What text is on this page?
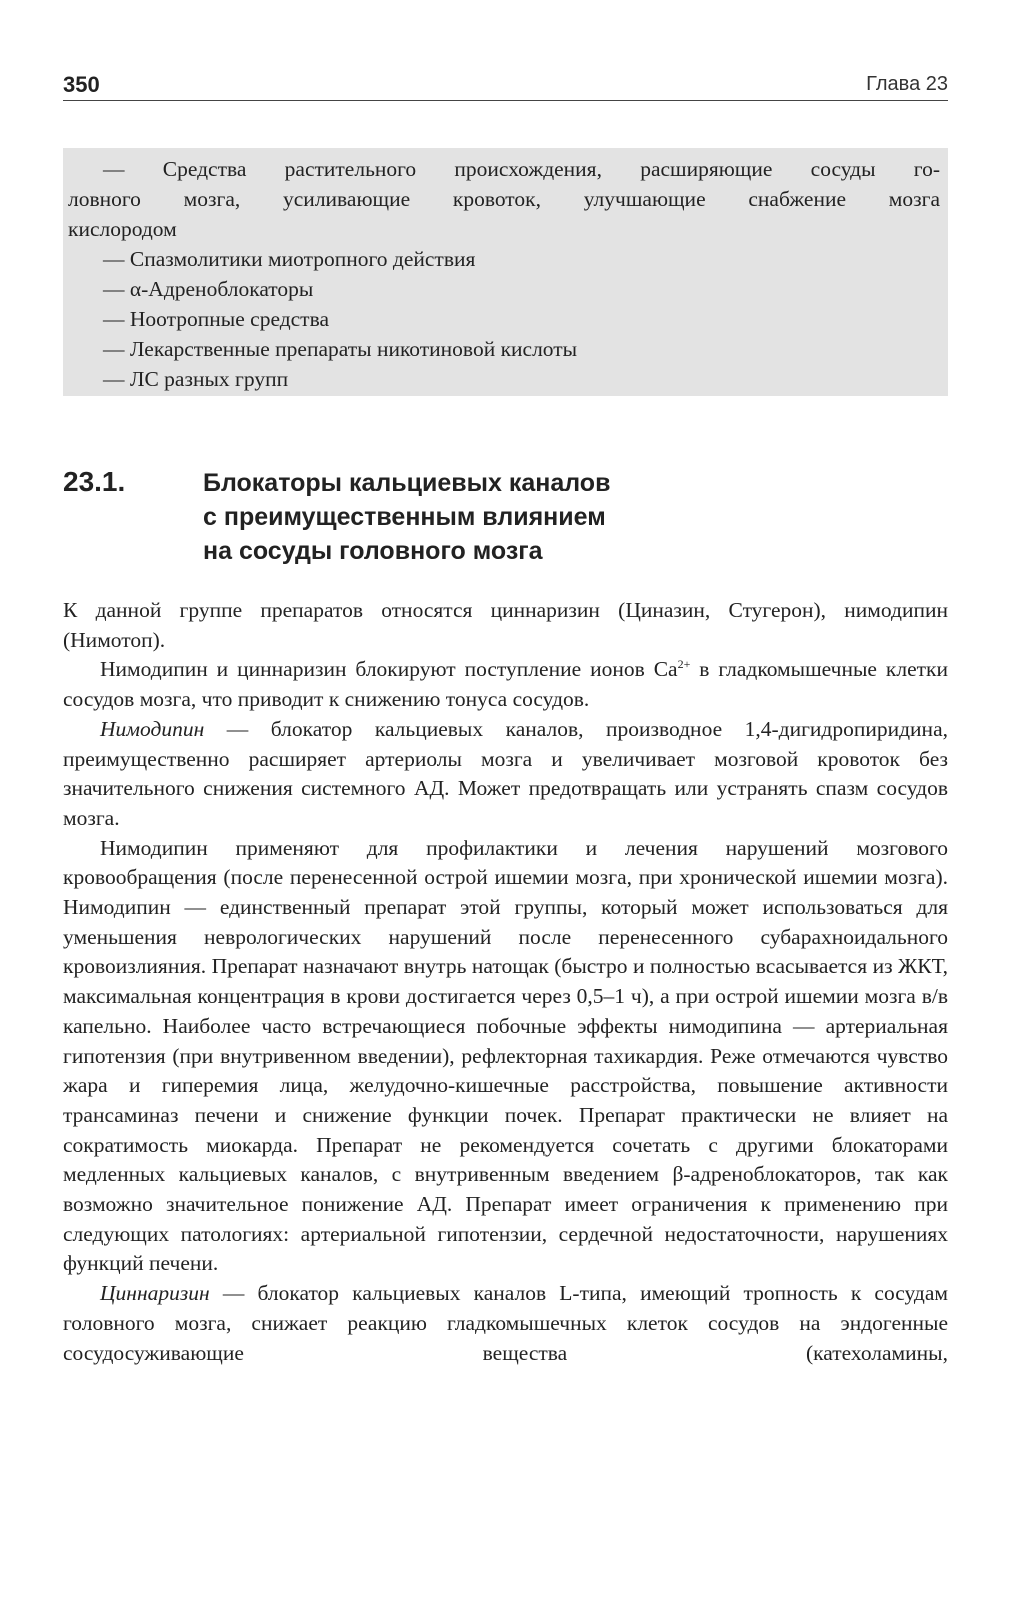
350	Глава 23
— Средства растительного происхождения, расширяющие сосуды го-
ловного мозга, усиливающие кровоток, улучшающие снабжение мозга
кислородом
— Спазмолитики миотропного действия
— α-Адреноблокаторы
— Ноотропные средства
— Лекарственные препараты никотиновой кислоты
— ЛС разных групп
23.1.	Блокаторы кальциевых каналов
с преимущественным влиянием
на сосуды головного мозга

К данной группе препаратов относятся циннаризин (Циназин, Стугерон), нимодипин (Нимотоп).

Нимодипин и циннаризин блокируют поступление ионов $Ca^{2+}$ в гладкомышечные клетки сосудов мозга, что приводит к снижению тонуса сосудов.

Нимодипин — блокатор кальциевых каналов, производное 1,4-дигидропиридина, преимущественно расширяет артериолы мозга и увеличивает мозговой кровоток без значительного снижения системного АД. Может предотвращать или устранять спазм сосудов мозга.

Нимодипин применяют для профилактики и лечения нарушений мозгового кровообращения (после перенесенной острой ишемии мозга, при хронической ишемии мозга). Нимодипин — единственный препарат этой группы, который может использоваться для уменьшения неврологических нарушений после перенесенного субарахноидального кровоизлияния. Препарат назначают внутрь натощак (быстро и полностью всасывается из ЖКТ, максимальная концентрация в крови достигается через 0,5–1 ч), а при острой ишемии мозга в/в капельно. Наиболее часто встречающиеся побочные эффекты нимодипина — артериальная гипотензия (при внутривенном введении), рефлекторная тахикардия. Реже отмечаются чувство жара и гиперемия лица, желудочно-кишечные расстройства, повышение активности трансаминаз печени и снижение функции почек. Препарат практически не влияет на сократимость миокарда. Препарат не рекомендуется сочетать с другими блокаторами медленных кальциевых каналов, с внутривенным введением β-адреноблокаторов, так как возможно значительное понижение АД. Препарат имеет ограничения к применению при следующих патологиях: артериальной гипотензии, сердечной недостаточности, нарушениях функций печени.

Циннаризин — блокатор кальциевых каналов L-типа, имеющий тропность к сосудам головного мозга, снижает реакцию гладкомышечных клеток сосудов на эндогенные сосудосуживающие вещества (катехоламины,
